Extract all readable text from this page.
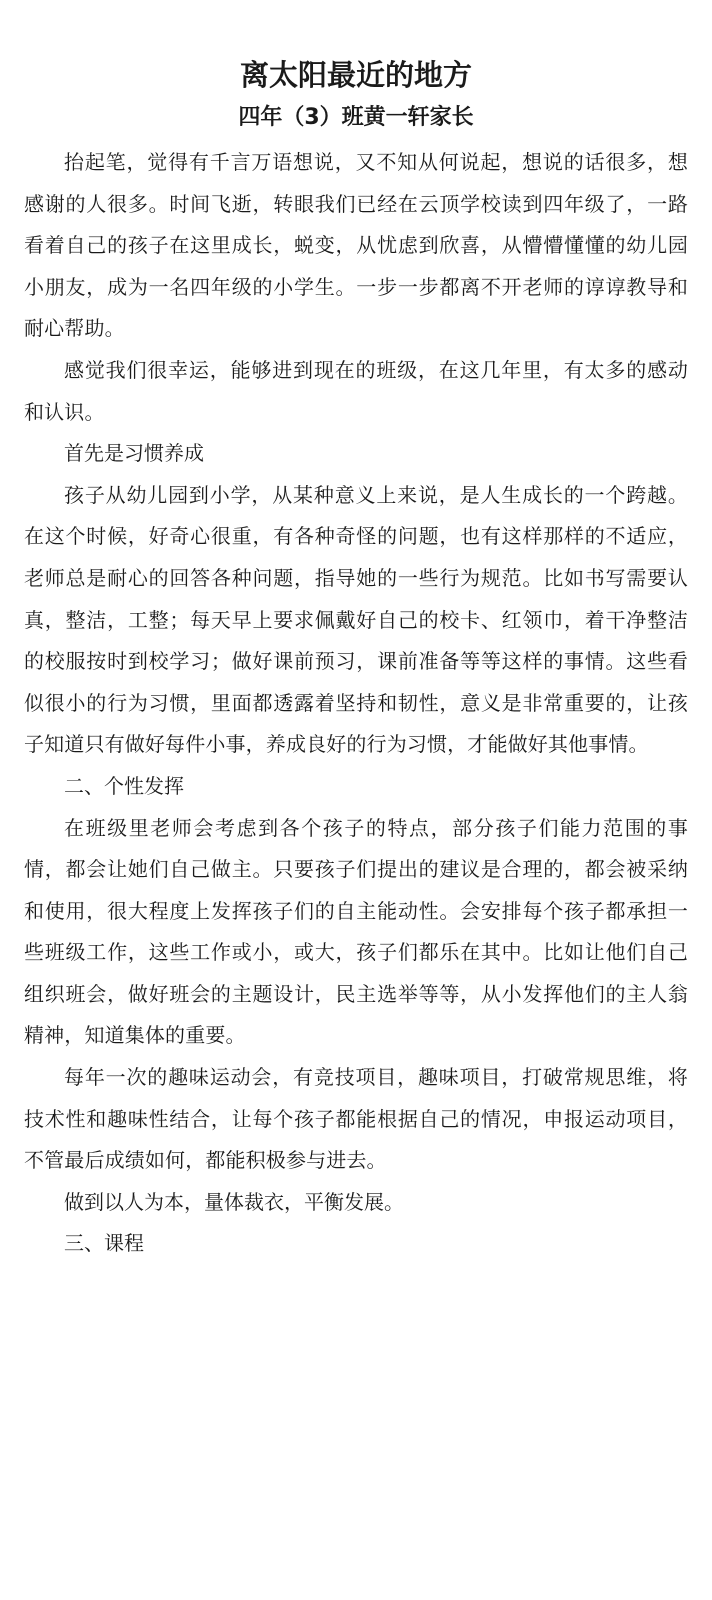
离太阳最近的地方
四年（3）班黄一轩家长

抬起笔，觉得有千言万语想说，又不知从何说起，想说的话很多，想感谢的人很多。时间飞逝，转眼我们已经在云顶学校读到四年级了，一路看着自己的孩子在这里成长，蜕变，从忧虑到欣喜，从懵懵懂懂的幼儿园小朋友，成为一名四年级的小学生。一步一步都离不开老师的谆谆教导和耐心帮助。

感觉我们很幸运，能够进到现在的班级，在这几年里，有太多的感动和认识。

首先是习惯养成

孩子从幼儿园到小学，从某种意义上来说，是人生成长的一个跨越。在这个时候，好奇心很重，有各种奇怪的问题，也有这样那样的不适应，老师总是耐心的回答各种问题，指导她的一些行为规范。比如书写需要认真，整洁，工整；每天早上要求佩戴好自己的校卡、红领巾，着干净整洁的校服按时到校学习；做好课前预习，课前准备等等这样的事情。这些看似很小的行为习惯，里面都透露着坚持和韧性，意义是非常重要的，让孩子知道只有做好每件小事，养成良好的行为习惯，才能做好其他事情。

二、个性发挥

在班级里老师会考虑到各个孩子的特点，部分孩子们能力范围的事情，都会让她们自己做主。只要孩子们提出的建议是合理的，都会被采纳和使用，很大程度上发挥孩子们的自主能动性。会安排每个孩子都承担一些班级工作，这些工作或小，或大，孩子们都乐在其中。比如让他们自己组织班会，做好班会的主题设计，民主选举等等，从小发挥他们的主人翁精神，知道集体的重要。

每年一次的趣味运动会，有竞技项目，趣味项目，打破常规思维，将技术性和趣味性结合，让每个孩子都能根据自己的情况，申报运动项目，不管最后成绩如何，都能积极参与进去。

做到以人为本，量体裁衣，平衡发展。

三、课程
